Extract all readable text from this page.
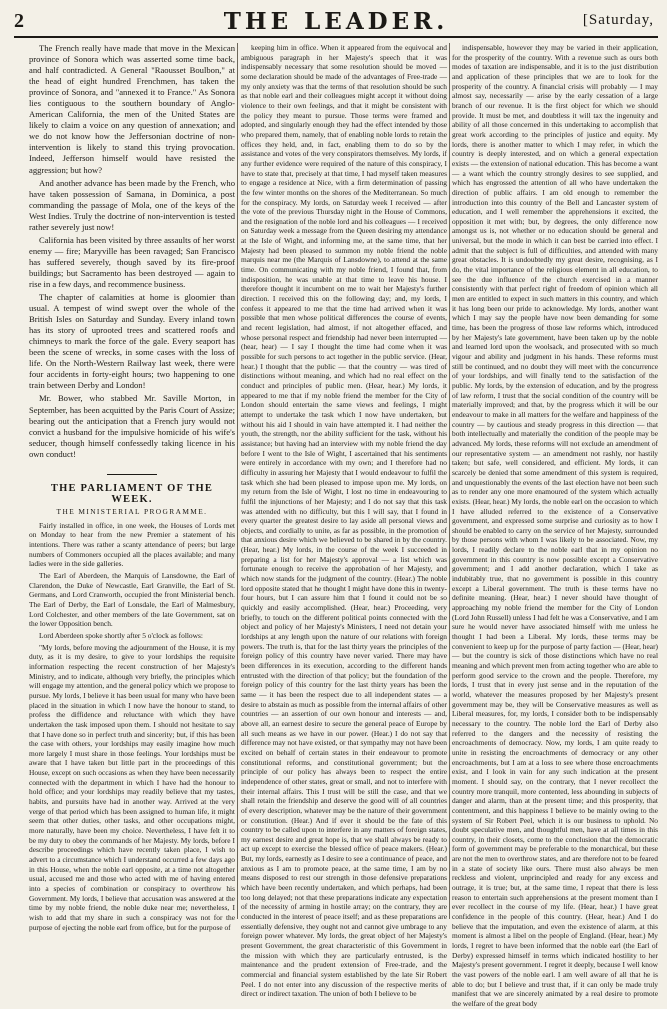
2	THE LEADER.	[Saturday,

The French really have made that move in the Mexican province of Sonora which was asserted some time back, and half contradicted. A General "Raousset Boulbon," at the head of eight hundred Frenchmen, has taken the province of Sonora, and "annexed it to France." As Sonora lies contiguous to the southern boundary of Anglo-American California, the men of the United States are likely to claim a voice on any question of annexation; and we do not know how the Jeffersonian doctrine of non-intervention is likely to stand this trying provocation. Indeed, Jefferson himself would have resisted the aggression; but how?

And another advance has been made by the French, who have taken possession of Samana, in Dominica, a post commanding the passage of Mola, one of the keys of the West Indies. Truly the doctrine of non-intervention is tested rather severely just now!

California has been visited by three assaults of her worst enemy — fire; Maryville has been ravaged; San Francisco has suffered severely, though saved by its fire-proof buildings; but Sacramento has been destroyed — again to rise in a few days, and recommence business.

The chapter of calamities at home is gloomier than usual. A tempest of wind swept over the whole of the British Isles on Saturday and Sunday. Every inland town has its story of uprooted trees and scattered roofs and chimneys to mark the force of the gale. Every seaport has been the scene of wrecks, in some cases with the loss of life. On the North-Western Railway last week, there were four accidents in forty-eight hours; two happening to one train between Derby and London!

Mr. Bower, who stabbed Mr. Saville Morton, in September, has been acquitted by the Paris Court of Assize; bearing out the anticipation that a French jury would not convict a husband for the impulsive homicide of his wife's seducer, though himself confessedly taking licence in his own conduct!

THE PARLIAMENT OF THE WEEK.
THE MINISTERIAL PROGRAMME.

Fairly installed in office, in one week, the Houses of Lords met on Monday to hear from the new Premier a statement of his intentions. There was rather a scanty attendance of peers; but large numbers of Commoners occupied all the places available; and many ladies were in the side galleries.

The Earl of Aberdeen, the Marquis of Lansdowne, the Earl of Clarendon, the Duke of Newcastle, Earl Granville, the Earl of St. Germans, and Lord Cranworth, occupied the front Ministerial bench. The Earl of Derby, the Earl of Lonsdale, the Earl of Malmesbury, Lord Colchester, and other members of the late Government, sat on the lower Opposition bench.

Lord Aberdeen spoke shortly after 5 o'clock as follows:

"My lords, before moving the adjournment of the House, it is my duty, as it is my desire, to give to your lordships the requisite information respecting the recent construction of her Majesty's Ministry, and to indicate, although very briefly, the principles which will engage my attention, and the general policy which we propose to pursue. My lords, I believe it has been usual for many who have been placed in the situation in which I now have the honour to stand, to profess the diffidence and reluctance with which they have undertaken the task imposed upon them. I should not hesitate to say that I have done so in perfect truth and sincerity; but, if this has been the case with others, your lordships may easily imagine how much more largely I must share in those feelings. Your lordships must be aware that I have taken but little part in the proceedings of this House, except on such occasions as when they have been necessarily connected with the department in which I have had the honour to hold office; and your lordships may readily believe that my tastes, habits, and pursuits have had in another way. Arrived at the very verge of that period which has been assigned to human life, it might seem that other duties, other tasks, and other occupations might, more naturally, have been my choice. Nevertheless, I have felt it to be my duty to obey the commands of her Majesty. My lords, before I describe proceedings which have recently taken place, I wish to advert to a circumstance which I understand occurred a few days ago in this House, when the noble earl opposite, at a time not altogether usual, accused me and those who acted with me of having entered into a species of combination or conspiracy to overthrow his Government. My lords, I believe that accusation was answered at the time by my noble friend, the noble duke near me; nevertheless, I wish to add that my share in such a conspiracy was not for the purpose of ejecting the noble earl from office, but for the purpose of

keeping him in office. When it appeared from the equivocal and ambiguous paragraph in her Majesty's speech that it was indispensably necessary that some resolution should be moved — some declaration should be made of the advantages of Free-trade — my only anxiety was that the terms of that resolution should be such as that noble earl and their colleagues might accept it without doing violence to their own feelings, and that it might be consistent with the policy they meant to pursue. Those terms were framed and adopted, and singularly enough they had the effect intended by those who prepared them, namely, that of enabling noble lords to retain the offices they held, and, in fact, enabling them to do so by the assistance and votes of the very conspirators themselves. My lords, if any further evidence were required of the nature of this conspiracy, I have to state that, precisely at that time, I had myself taken measures to engage a residence at Nice, with a firm determination of passing the few winter months on the shores of the Mediterranean. So much for the conspiracy. My lords, on Saturday week I received — after the vote of the previous Thursday night in the House of Commons, and the resignation of the noble lord and his colleagues — I received on Saturday week a message from the Queen desiring my attendance at the Isle of Wight, and informing me, at the same time, that her Majesty had been pleased to summon my noble friend the noble marquis near me (the Marquis of Lansdowne), to attend at the same time. On communicating with my noble friend, I found that, from indisposition, he was unable at that time to leave his house. I therefore thought it incumbent on me to wait her Majesty's further direction. I received this on the following day; and, my lords, I confess it appeared to me that the time had arrived when it was possible that men whose political differences the course of events, and recent legislation, had almost, if not altogether effaced, and whose personal respect and friendship had never been interrupted — (hear, hear) — I say I thought the time had come when it was possible for such persons to act together in the public service. (Hear, hear.) I thought that the public — that the country — was tired of distinctions without meaning, and which had no real effect on the conduct and principles of public men. (Hear, hear.) My lords, it appeared to me that if my noble friend the member for the City of London should entertain the same views and feelings, I might attempt to undertake the task which I now have undertaken, but without his aid I should in vain have attempted it. I had neither the youth, the strength, nor the ability sufficient for the task, without his assistance; but having had an interview with my noble friend the day before I went to the Isle of Wight, I ascertained that his sentiments were entirely in accordance with my own; and I therefore had no difficulty in assuring her Majesty that I would endeavour to fulfil the task which she had been pleased to impose upon me. My lords, on my return from the Isle of Wight, I lost no time in endeavouring to fulfil the injunctions of her Majesty; and I do not say that this task was attended with no difficulty, but this I will say, that I found in every quarter the greatest desire to lay aside all personal views and objects, and cordially to unite, as far as possible, in the promotion of that anxious desire which we believed to be shared in by the country. (Hear, hear.) My lords, in the course of the week I succeeded in preparing a list for her Majesty's approval — a list which was fortunate enough to receive the approbation of her Majesty, and which now stands for the judgment of the country. (Hear.) The noble lord opposite stated that he thought I might have done this in twenty-four hours, but I can assure him that I found it could not be so quickly and easily accomplished. (Hear, hear.) Proceeding, very briefly, to touch on the different political points connected with the object and policy of her Majesty's Ministers, I need not detain your lordships at any length upon the nature of our relations with foreign powers. The truth is, that for the last thirty years the principles of the foreign policy of this country have never varied. There may have been differences in its execution, according to the different hands entrusted with the direction of that policy; but the foundation of the foreign policy of this country for the last thirty years has been the same — it has been the respect due to all independent states — a desire to abstain as much as possible from the internal affairs of other countries — an assertion of our own honour and interests — and, above all, an earnest desire to secure the general peace of Europe by all such means as we have in our power. (Hear.) I do not say that difference may not have existed, or that sympathy may not have been excited on behalf of certain states in their endeavour to promote constitutional reforms, and constitutional government; but the principle of our policy has always been to respect the entire independence of other states, great or small, and not to interfere with their internal affairs. This I trust will be still the case, and that we shall retain the friendship and deserve the good will of all countries of every description, whatever may be the nature of their government or constitution. (Hear.) And if ever it should be the fate of this country to be called upon to interfere in any matters of foreign states, my earnest desire and great hope is, that we shall always be ready to act up except to exercise the blessed office of peace makers. (Hear.) But, my lords, earnestly as I desire to see a continuance of peace, and anxious as I am to promote peace, at the same time, I am by no means disposed to rest our strength in those defensive preparations which have been recently undertaken, and which perhaps, had been too long delayed; not that these preparations indicate any expectation of the necessity of arming in hostile array; on the contrary, they are conducted in the interest of peace itself; and as these preparations are essentially defensive, they ought not and cannot give umbrage to any foreign power whatever. My lords, the great object of her Majesty's present Government, the great characteristic of this Government in the mission with which they are particularly entrusted, is the maintenance and the prudent extension of Free-trade, and the commercial and financial system established by the late Sir Robert Peel. I do not enter into any discussion of the respective merits of direct or indirect taxation. The union of both I believe to be

indispensable, however they may be varied in their application, for the prosperity of the country. With a revenue such as ours both modes of taxation are indispensable, and it is to the just distribution and application of these principles that we are to look for the prosperity of the country. A financial crisis will probably — I may almost say, necessarily — arise by the early cessation of a large branch of our revenue. It is the first object for which we should provide. It must be met, and doubtless it will tax the ingenuity and ability of all those concerned in this undertaking to accomplish that great work according to the principles of justice and equity. My lords, there is another matter to which I may refer, in which the country is deeply interested, and on which a general expectation exists — the extension of national education. This has become a want — a want which the country strongly desires to see supplied, and which has engrossed the attention of all who have undertaken the direction of public affairs. I am old enough to remember the introduction into this country of the Bell and Lancaster system of education, and I well remember the apprehensions it excited, the opposition it met with; but, by degrees, the only difference now amongst us is, not whether or no education should be general and universal, but the mode in which it can best be carried into effect. I admit that the subject is full of difficulties, and attended with many great obstacles. It is undoubtedly my great desire, recognising, as I do, the vital importance of the religious element in all education, to see the due influence of the church exercised in a manner consistently with that perfect right of freedom of opinion which all men are entitled to expect in such matters in this country, and which it has long been our pride to acknowledge. My lords, another want which I may say the people have now been demanding for some time, has been the progress of those law reforms which, introduced by her Majesty's late government, have been taken up by the noble and learned lord upon the woolsack, and prosecuted with so much vigour and ability and judgment in his hands. These reforms must still be continued, and no doubt they will meet with the concurrence of your lordships, and will finally tend to the satisfaction of the public. My lords, by the extension of education, and by the progress of law reform, I trust that the social condition of the country will be materially improved; and that, by the progress which it will be our endeavour to make in all matters for the welfare and happiness of the country — by cautious and steady progress in this direction — that both intellectually and materially the condition of the people may be advanced. My lords, these reforms will not exclude an amendment of our representative system — an amendment not rashly, nor hastily taken; but safe, well considered, and efficient. My lords, it can scarcely be denied that some amendment of this system is required, and unquestionably the events of the last election have not been such as to render any one more enamoured of the system which actually exists. (Hear, hear.) My lords, the noble earl on the occasion to which I have alluded referred to the existence of a Conservative government, and expressed some surprise and curiosity as to how I should be enabled to carry on the service of her Majesty, surrounded by those persons with whom I was likely to be associated. Now, my lords, I readily declare to the noble earl that in my opinion no government in this country is now possible except a Conservative government; and I add another declaration, which I take as indubitably true, that no government is possible in this country except a Liberal government. The truth is these terms have no definite meaning. (Hear, hear.) I never should have thought of approaching my noble friend the member for the City of London (Lord John Russell) unless I had felt he was a Conservative, and I am sure he would never have associated himself with me unless he thought I had been a Liberal. My lords, these terms may be convenient to keep up for the purpose of party faction — (Hear, hear) — but the country is sick of those distinctions which have no real meaning and which prevent men from acting together who are able to perform good service to the crown and the people. Therefore, my lords, I trust that in every just sense and in the reputation of the world, whatever the measures proposed by her Majesty's present government may be, they will be Conservative measures as well as Liberal measures, for, my lords, I consider both to be indispensably necessary to the country. The noble lord the Earl of Derby also referred to the dangers and the necessity of resisting the encroachments of democracy. Now, my lords, I am quite ready to unite in resisting the encroachments of democracy or any other encroachments, but I am at a loss to see where those encroachments exist, and I look in vain for any such indication at the present moment. I should say, on the contrary, that I never recollect the country more tranquil, more contented, less abounding in subjects of danger and alarm, than at the present time; and this prosperity, that contentment, and this happiness I believe to be mainly owing to the system of Sir Robert Peel, which it is our business to uphold. No doubt speculative men, and thoughtful men, have at all times in this country, in their closets, come to the conclusion that the democratic form of government may be preferable to the monarchical, but these are not the men to overthrow states, and are therefore not to be feared in a state of society like ours. There must also always be men reckless and violent, unprincipled and ready for any excess and outrage, it is true; but, at the same time, I repeat that there is less reason to entertain such apprehensions at the present moment than I ever recollect in the course of my life. (Hear, hear.) I have great confidence in the people of this country. (Hear, hear.) And I do believe that the imputation, and even the existence of alarm, at this moment is almost a libel on the people of England. (Hear, hear.) My lords, I regret to have been informed that the noble earl (the Earl of Derby) expressed himself in terms which indicated hostility to her Majesty's present government. I regret it deeply, because I well know the vast powers of the noble earl. I am well aware of all that he is able to do; but I believe and trust that, if it can only be made truly manifest that we are sincerely animated by a real desire to promote the welfare of the great body
